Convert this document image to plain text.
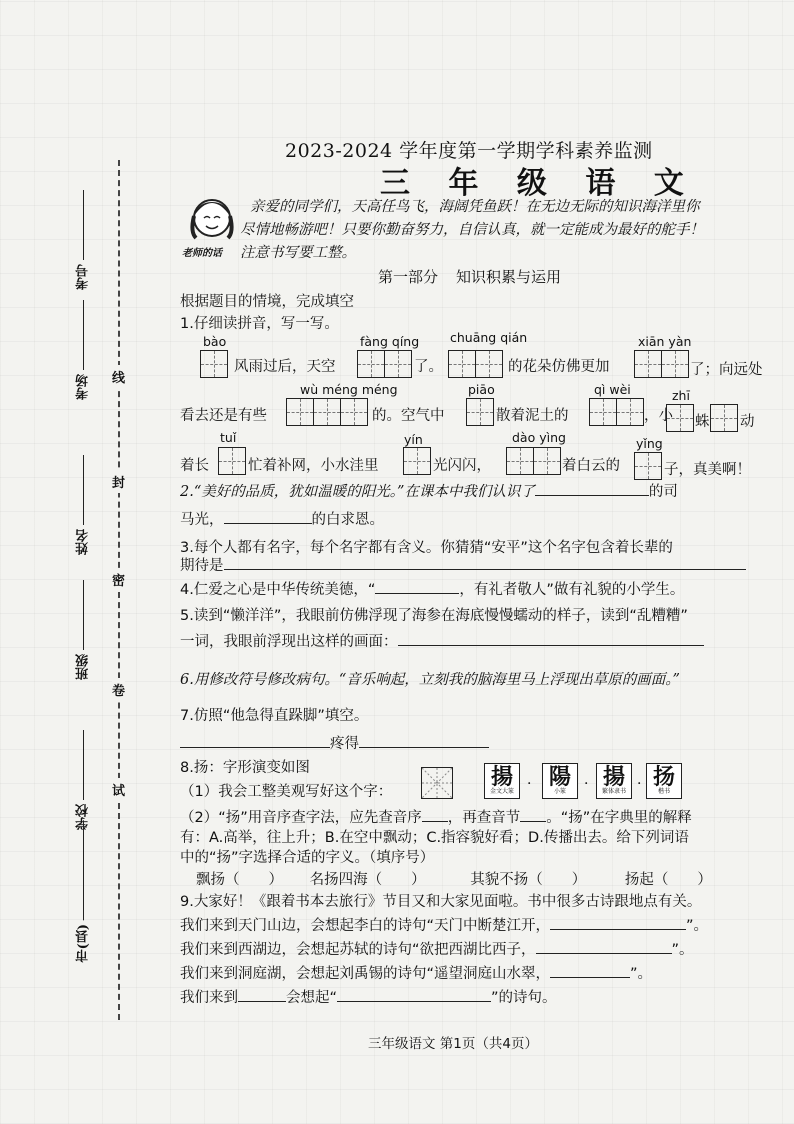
考号
考场
姓名
班级
学校
市(县)
线
封
密
卷
试
2023-2024 学年度第一学期学科素养监测
三 年 级 语 文
老师的话

亲爱的同学们，天高任鸟飞，海阔凭鱼跃！在无边无际的知识海洋里你

尽情地畅游吧！只要你勤奋努力，自信认真，就一定能成为最好的舵手！

注意书写要工整。

第一部分 知识积累与运用
根据题目的情境，完成填空
1.仔细读拼音，写一写。
bào	fàng qíng chuāng qián	xiān yàn
风雨过后，天空	了。	的花朵仿佛更加	了；向远处
wù méng méng	piāo	qì wèi	zhī
看去还是有些	的。空气中	散着泥土的	，小 蛛 动
tuǐ	yín	dào yìng	yǐng
着长	忙着补网，小水洼里	光闪闪，	着白云的	子，真美啊！
2.“美好的品质，犹如温暖的阳光。”在课本中我们认识了	的司
马光，	的白求恩。
3.每个人都有名字，每个名字都有含义。你猜猜“安平”这个名字包含着长辈的
期待是
4.仁爱之心是中华传统美德，“	，有礼者敬人”做有礼貌的小学生。
5.读到“懒洋洋”，我眼前仿佛浮现了海参在海底慢慢蠕动的样子，读到“乱糟糟”
一词，我眼前浮现出这样的画面：
6.用修改符号修改病句。“音乐响起，立刻我的脑海里马上浮现出草原的画面。”
7.仿照“他急得直跺脚”填空。
疼得
8.扬：字形演变如图
（1）我会工整美观写好这个字：
揚
金文大篆 · 陽
小篆 · 揚
繁体隶书 · 扬
楷书
（2）“扬”用音序查字法，应先查音序 ，再查音节 。“扬”在字典里的解释
有：A.高举，往上升；B.在空中飘动；C.指容貌好看；D.传播出去。给下列词语
中的“扬”字选择合适的字义。（填序号）
飘扬（　　） 名扬四海（　　）	其貌不扬（　　）	扬起（　　）
9.大家好！《跟着书本去旅行》节目又和大家见面啦。书中很多古诗跟地点有关。
我们来到天门山边，会想起李白的诗句“天门中断楚江开，	”。
我们来到西湖边，会想起苏轼的诗句“欲把西湖比西子，	”。
我们来到洞庭湖，会想起刘禹锡的诗句“遥望洞庭山水翠，	”。
我们来到	会想起“	”的诗句。
三年级语文 第1页（共4页）
